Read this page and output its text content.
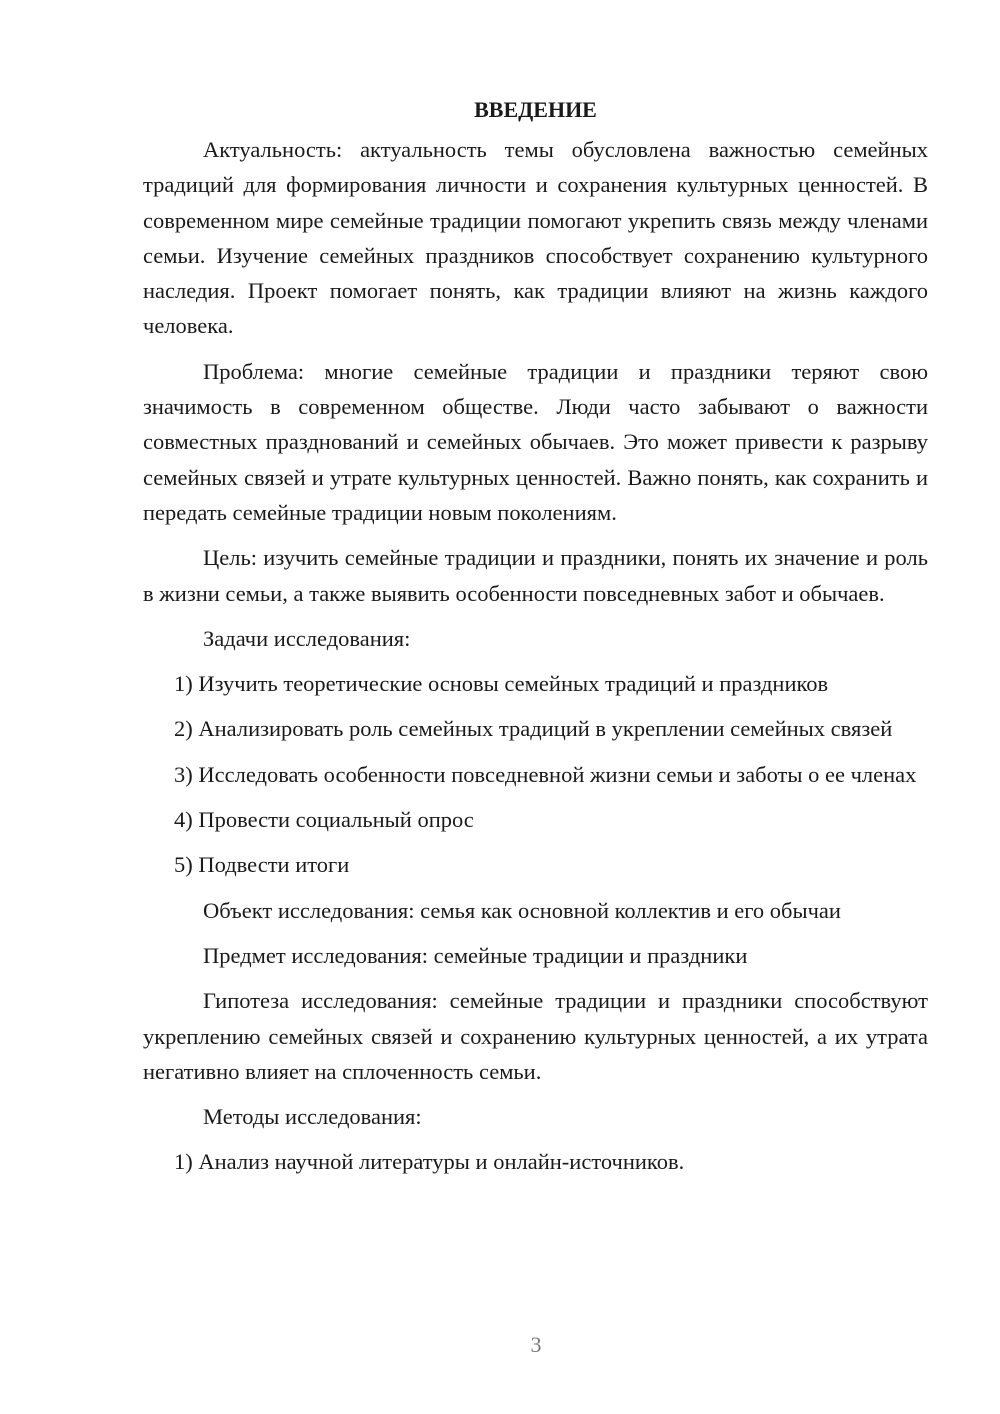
ВВЕДЕНИЕ

Актуальность: актуальность темы обусловлена важностью семейных традиций для формирования личности и сохранения культурных ценностей. В современном мире семейные традиции помогают укрепить связь между членами семьи. Изучение семейных праздников способствует сохранению культурного наследия. Проект помогает понять, как традиции влияют на жизнь каждого человека.

Проблема: многие семейные традиции и праздники теряют свою значимость в современном обществе. Люди часто забывают о важности совместных празднований и семейных обычаев. Это может привести к разрыву семейных связей и утрате культурных ценностей. Важно понять, как сохранить и передать семейные традиции новым поколениям.

Цель: изучить семейные традиции и праздники, понять их значение и роль в жизни семьи, а также выявить особенности повседневных забот и обычаев.

Задачи исследования:

1) Изучить теоретические основы семейных традиций и праздников

2) Анализировать роль семейных традиций в укреплении семейных связей

3) Исследовать особенности повседневной жизни семьи и заботы о ее членах

4) Провести социальный опрос

5) Подвести итоги

Объект исследования: семья как основной коллектив и его обычаи

Предмет исследования: семейные традиции и праздники

Гипотеза исследования: семейные традиции и праздники способствуют укреплению семейных связей и сохранению культурных ценностей, а их утрата негативно влияет на сплоченность семьи.

Методы исследования:

1) Анализ научной литературы и онлайн-источников.

3
